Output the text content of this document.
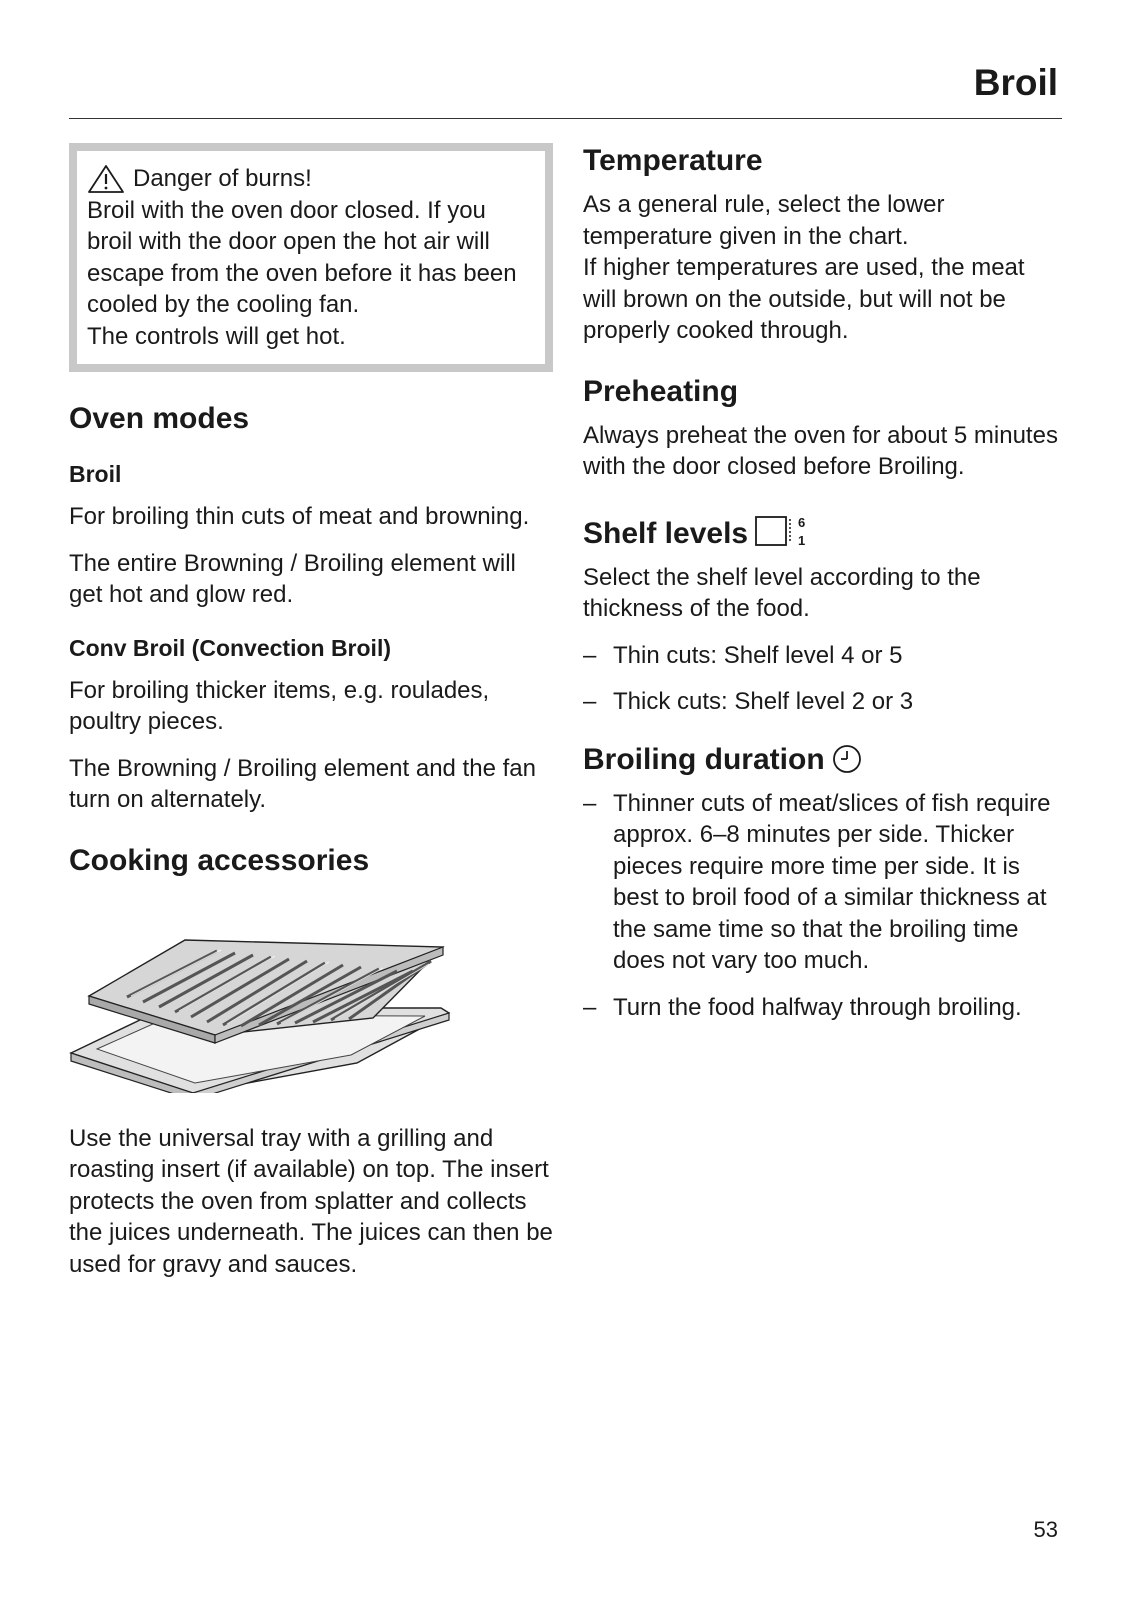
Broil
Danger of burns!
Broil with the oven door closed. If you broil with the door open the hot air will escape from the oven before it has been cooled by the cooling fan.
The controls will get hot.
Oven modes
Broil

For broiling thin cuts of meat and browning.

The entire Browning / Broiling element will get hot and glow red.

Conv Broil (Convection Broil)

For broiling thicker items, e.g. roulades, poultry pieces.

The Browning / Broiling element and the fan turn on alternately.

Cooking accessories

Use the universal tray with a grilling and roasting insert (if available) on top. The insert protects the oven from splatter and collects the juices underneath. The juices can then be used for gravy and sauces.

Temperature

As a general rule, select the lower temperature given in the chart.

If higher temperatures are used, the meat will brown on the outside, but will not be properly cooked through.

Preheating

Always preheat the oven for about 5 minutes with the door closed before Broiling.

Shelf levels	6
1

Select the shelf level according to the thickness of the food.

– Thin cuts: Shelf level 4 or 5
– Thick cuts: Shelf level 2 or 3
Broiling duration
– Thinner cuts of meat/slices of fish require approx. 6–8 minutes per side. Thicker pieces require more time per side. It is best to broil food of a similar thickness at the same time so that the broiling time does not vary too much.
– Turn the food halfway through broiling.

53
